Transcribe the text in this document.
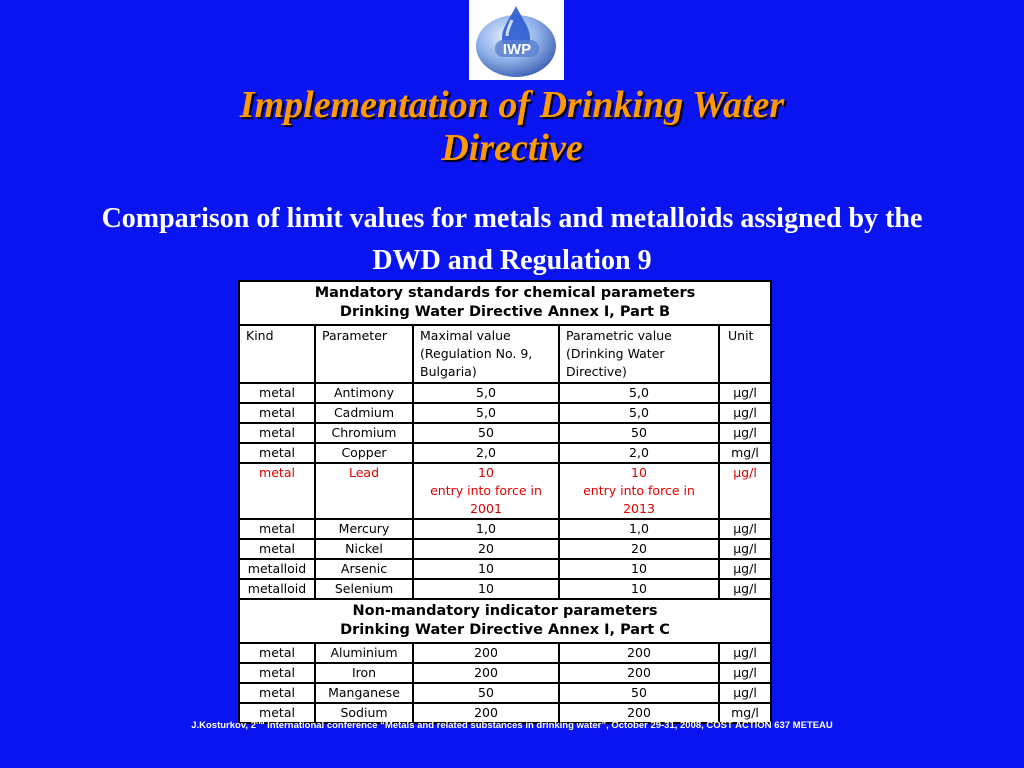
IWP
Implementation of Drinking Water
Directive

Comparison of limit values for metals and metalloids assigned by the
DWD and Regulation 9

Mandatory standards for chemical parameters
Drinking Water Directive Annex I, Part B				
Kind	Parameter	Maximal value
(Regulation No. 9,
Bulgaria)	Parametric value
(Drinking Water
Directive)	Unit
metal	Antimony	5,0	5,0	µg/l
metal	Cadmium	5,0	5,0	µg/l
metal	Chromium	50	50	µg/l
metal	Copper	2,0	2,0	mg/l
metal	Lead	10
entry into force in
2001	10
entry into force in
2013	µg/l
metal	Mercury	1,0	1,0	µg/l
metal	Nickel	20	20	µg/l
metalloid	Arsenic	10	10	µg/l
metalloid	Selenium	10	10	µg/l
Non-mandatory indicator parameters
Drinking Water Directive Annex I, Part C				
metal	Aluminium	200	200	µg/l
metal	Iron	200	200	µg/l
metal	Manganese	50	50	µg/l
metal	Sodium	200	200	mg/l
J.Kosturkov, 2nd International conference “Metals and related substances in drinking water”, October 29-31, 2008, COST ACTION 637 METEAU
